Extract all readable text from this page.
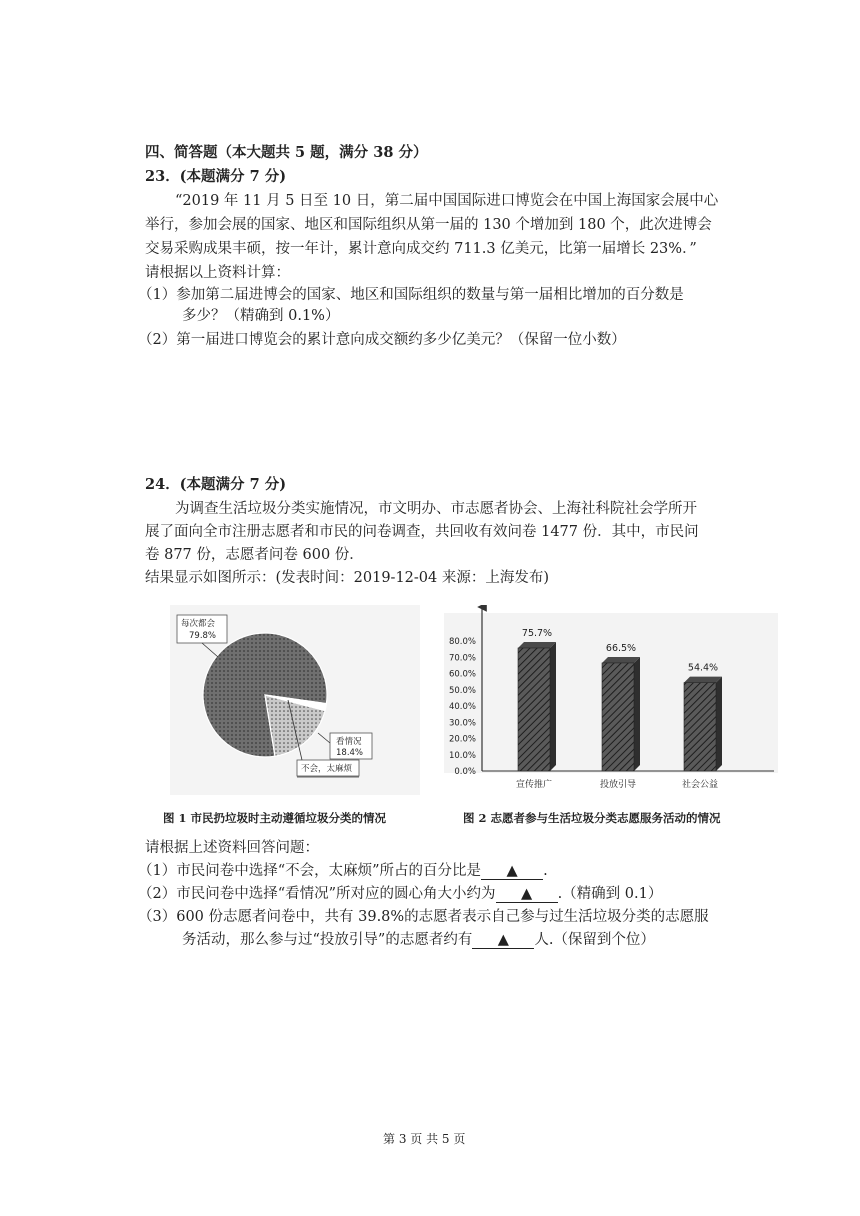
四、简答题（本大题共 5 题，满分 38 分）
23．(本题满分 7 分)
“2019 年 11 月 5 日至 10 日，第二届中国国际进口博览会在中国上海国家会展中心
举行，参加会展的国家、地区和国际组织从第一届的 130 个增加到 180 个，此次进博会
交易采购成果丰硕，按一年计，累计意向成交约 711.3 亿美元，比第一届增长 23%．”
请根据以上资料计算：
（1）参加第二届进博会的国家、地区和国际组织的数量与第一届相比增加的百分数是
多少？（精确到 0.1%）
（2）第一届进口博览会的累计意向成交额约多少亿美元？（保留一位小数）
24．(本题满分 7 分)
为调查生活垃圾分类实施情况，市文明办、市志愿者协会、上海社科院社会学所开
展了面向全市注册志愿者和市民的问卷调查，共回收有效问卷 1477 份．其中，市民问
卷 877 份，志愿者问卷 600 份．
结果显示如图所示：(发表时间：2019-12-04 来源：上海发布)
每次都会
79.8%
看情况
18.4%
不会，太麻烦	0.0%
10.0%
20.0%
30.0%
40.0%
50.0%
60.0%
70.0%
80.0%
75.7%
宣传推广
66.5%
投放引导
54.4%
社会公益
图 1 市民扔垃圾时主动遵循垃圾分类的情况	图 2 志愿者参与生活垃圾分类志愿服务活动的情况
请根据上述资料回答问题：
（1）市民问卷中选择“不会，太麻烦”所占的百分比是 ▲ .
（2）市民问卷中选择“看情况”所对应的圆心角大小约为 ▲ .（精确到 0.1）
（3）600 份志愿者问卷中，共有 39.8%的志愿者表示自己参与过生活垃圾分类的志愿服
务活动，那么参与过“投放引导”的志愿者约有 ▲ 人.（保留到个位）
第 3 页 共 5 页
